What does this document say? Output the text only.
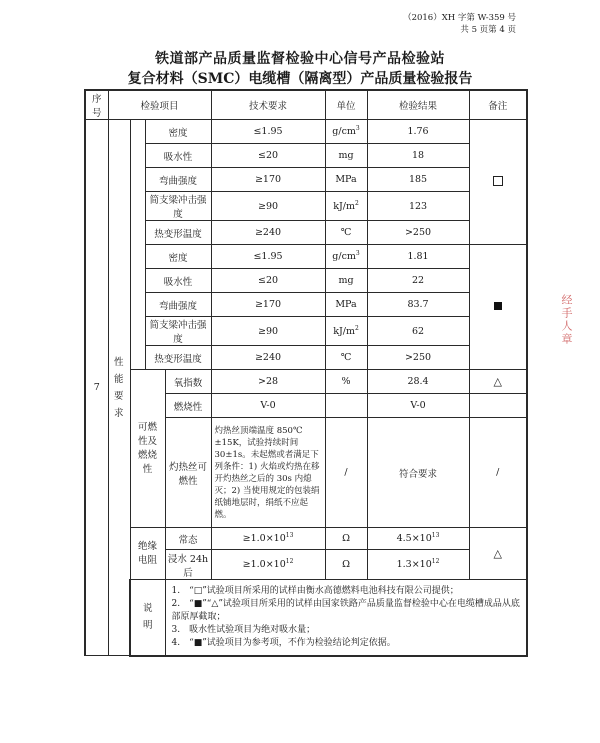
（2016）XH 字第 W-359 号
共 5 页第 4 页
铁道部产品质量监督检验中心信号产品检验站
复合材料（SMC）电缆槽（隔离型）产品质量检验报告
序号	检验项目				技术要求	单位	检验结果	备注
7	性能要求		密度		≤1.95	$g/cm^3$	1.76	
			吸水性		≤20	mg	18	
			弯曲强度		≥170	MPa	185	
			简支梁冲击强度		≥90	$kJ/m^2$	123	
			热变形温度		≥240	℃	>250	
			密度		≤1.95	$g/cm^3$	1.81	
			吸水性		≤20	mg	22	
			弯曲强度		≥170	MPa	83.7	
			简支梁冲击强度		≥90	$kJ/m^2$	62	
			热变形温度		≥240	℃	>250	
		可燃性及燃烧性		氧指数	>28	%	28.4	△
				燃烧性	V-0		V-0	
				灼热丝可燃性	灼热丝顶端温度 850℃±15K，试验持续时间 30±1s。未起燃或者满足下列条件：1) 火焰或灼热在移开灼热丝之后的 30s 内熄灭；2) 当使用规定的包装绢纸铺地层时，绢纸不应起燃。	/	符合要求	/
		绝缘电阻		常态	$\ge 1.0\times 10^{13}$	Ω	$4.5\times 10^{13}$	△
				浸水 24h 后	$\ge 1.0\times 10^{12}$	Ω	$1.3\times 10^{12}$
		说明		1.　“□”试验项目所采用的试样由衡水高德燃料电池科技有限公司提供；

2.　“■”“△”试验项目所采用的试样由国家铁路产品质量监督检验中心在电缆槽成品从底部原厚截取；

3.　吸水性试验项目为绝对吸水量；

4.　“■”试验项目为参考项，不作为检验结论判定依据。				

经手人章
